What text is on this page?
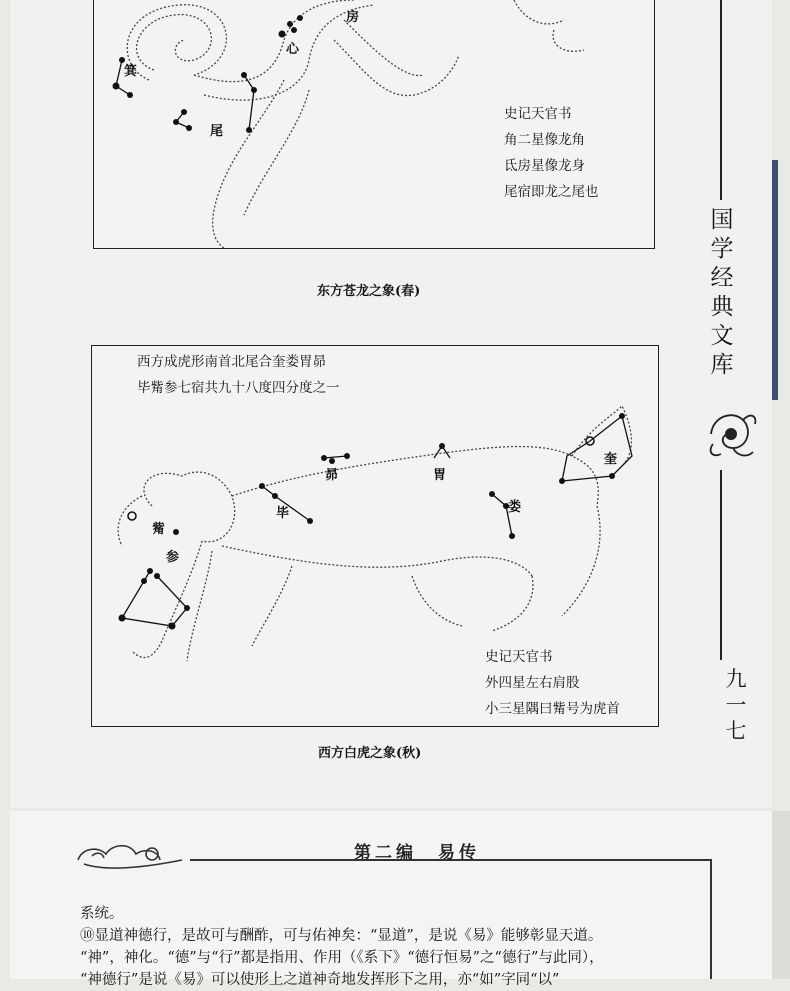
房
心
箕
尾
史记天官书
角二星像龙角
氐房星像龙身
尾宿即龙之尾也
东方苍龙之象(春)
奎
娄
胃
昴
毕
觜
参
西方成虎形南首北尾合奎娄胃昴
毕觜参七宿共九十八度四分度之一
史记天官书
外四星左右肩股
小三星隅曰觜号为虎首
西方白虎之象(秋)
国
学
经
典
文
库
九
一
七
第二编　易传
系统。
⑩显道神德行，是故可与酬酢，可与佑神矣：“显道”，是说《易》能够彰显天道。
“神”，神化。“德”与“行”都是指用、作用（《系下》“德行恒易”之“德行”与此同），
“神德行”是说《易》可以使形上之道神奇地发挥形下之用，亦“如”字同“以”
